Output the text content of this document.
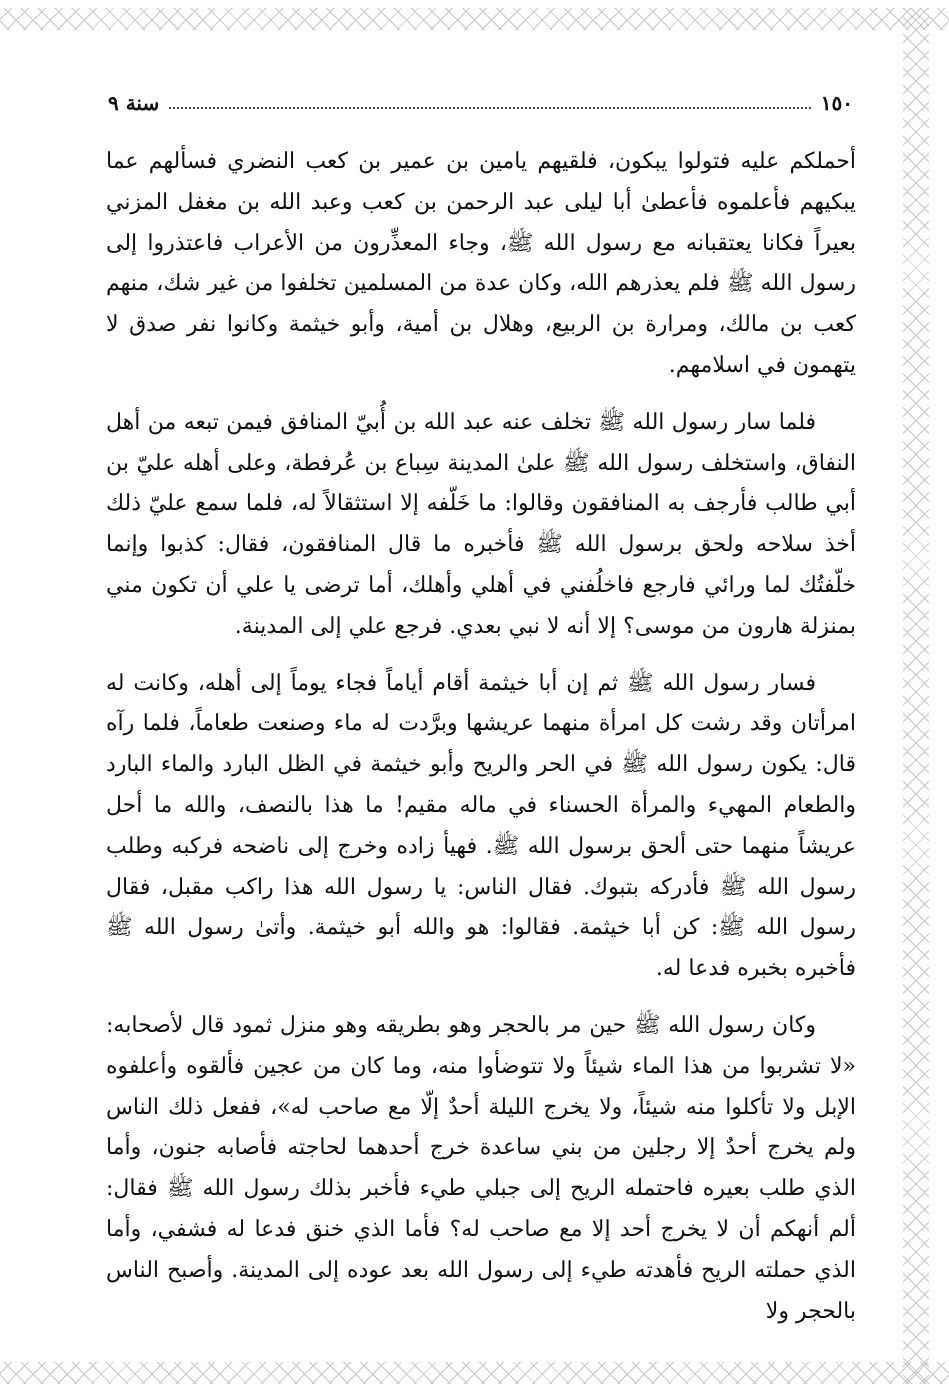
١٥٠
سنة ٩

أحملكم عليه فتولوا يبكون، فلقيهم يامين بن عمير بن كعب النضري فسألهم عما يبكيهم فأعلموه فأعطىٰ أبا ليلى عبد الرحمن بن كعب وعبد الله بن مغفل المزني بعيراً فكانا يعتقبانه مع رسول الله ﷺ، وجاء المعذِّرون من الأعراب فاعتذروا إلى رسول الله ﷺ فلم يعذرهم الله، وكان عدة من المسلمين تخلفوا من غير شك، منهم كعب بن مالك، ومرارة بن الربيع، وهلال بن أمية، وأبو خيثمة وكانوا نفر صدق لا يتهمون في اسلامهم.

فلما سار رسول الله ﷺ تخلف عنه عبد الله بن أُبيّ المنافق فيمن تبعه من أهل النفاق، واستخلف رسول الله ﷺ علىٰ المدينة سِباع بن عُرفطة، وعلى أهله عليّ بن أبي طالب فأرجف به المنافقون وقالوا: ما خَلّفه إلا استثقالاً له، فلما سمع عليّ ذلك أخذ سلاحه ولحق برسول الله ﷺ فأخبره ما قال المنافقون، فقال: كذبوا وإنما خلّفتُك لما ورائي فارجع فاخلُفني في أهلي وأهلك، أما ترضى يا علي أن تكون مني بمنزلة هارون من موسى؟ إلا أنه لا نبي بعدي. فرجع علي إلى المدينة.

فسار رسول الله ﷺ ثم إن أبا خيثمة أقام أياماً فجاء يوماً إلى أهله، وكانت له امرأتان وقد رشت كل امرأة منهما عريشها وبرَّدت له ماء وصنعت طعاماً، فلما رآه قال: يكون رسول الله ﷺ في الحر والريح وأبو خيثمة في الظل البارد والماء البارد والطعام المهيء والمرأة الحسناء في ماله مقيم! ما هذا بالنصف، والله ما أحل عريشاً منهما حتى ألحق برسول الله ﷺ. فهيأ زاده وخرج إلى ناضحه فركبه وطلب رسول الله ﷺ فأدركه بتبوك. فقال الناس: يا رسول الله هذا راكب مقبل، فقال رسول الله ﷺ: كن أبا خيثمة. فقالوا: هو والله أبو خيثمة. وأتىٰ رسول الله ﷺ فأخبره بخبره فدعا له.

وكان رسول الله ﷺ حين مر بالحجر وهو بطريقه وهو منزل ثمود قال لأصحابه: «لا تشربوا من هذا الماء شيئاً ولا تتوضأوا منه، وما كان من عجين فألقوه وأعلفوه الإبل ولا تأكلوا منه شيئاً، ولا يخرج الليلة أحدٌ إلّا مع صاحب له»، ففعل ذلك الناس ولم يخرج أحدٌ إلا رجلين من بني ساعدة خرج أحدهما لحاجته فأصابه جنون، وأما الذي طلب بعيره فاحتمله الريح إلى جبلي طيء فأخبر بذلك رسول الله ﷺ فقال: ألم أنهكم أن لا يخرج أحد إلا مع صاحب له؟ فأما الذي خنق فدعا له فشفي، وأما الذي حملته الريح فأهدته طيء إلى رسول الله بعد عوده إلى المدينة. وأصبح الناس بالحجر ولا
